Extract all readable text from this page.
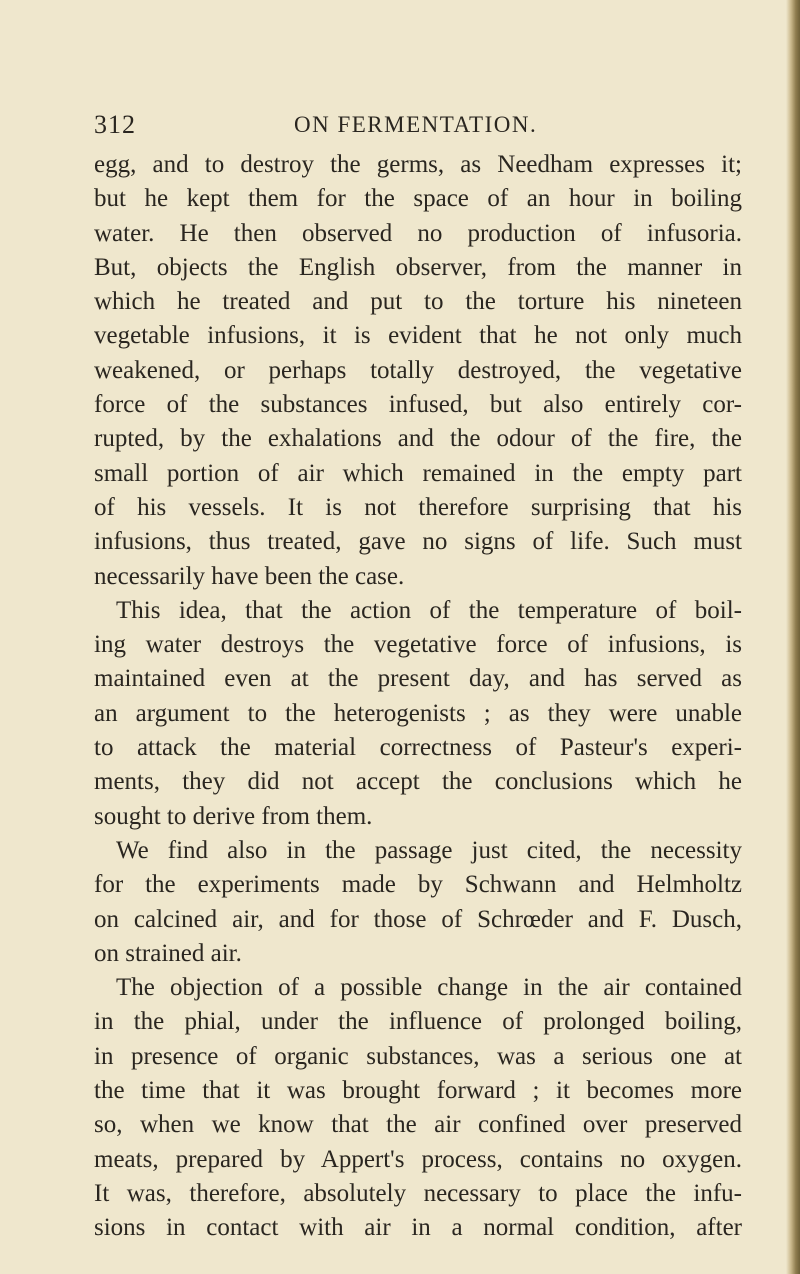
312	ON FERMENTATION.
egg, and to destroy the germs, as Needham expresses it;
but he kept them for the space of an hour in boiling
water. He then observed no production of infusoria.
But, objects the English observer, from the manner in
which he treated and put to the torture his nineteen
vegetable infusions, it is evident that he not only much
weakened, or perhaps totally destroyed, the vegetative
force of the substances infused, but also entirely cor-
rupted, by the exhalations and the odour of the fire, the
small portion of air which remained in the empty part
of his vessels. It is not therefore surprising that his
infusions, thus treated, gave no signs of life. Such must
necessarily have been the case.
This idea, that the action of the temperature of boil-
ing water destroys the vegetative force of infusions, is
maintained even at the present day, and has served as
an argument to the heterogenists ; as they were unable
to attack the material correctness of Pasteur's experi-
ments, they did not accept the conclusions which he
sought to derive from them.
We find also in the passage just cited, the necessity
for the experiments made by Schwann and Helmholtz
on calcined air, and for those of Schrœder and F. Dusch,
on strained air.
The objection of a possible change in the air contained
in the phial, under the influence of prolonged boiling,
in presence of organic substances, was a serious one at
the time that it was brought forward ; it becomes more
so, when we know that the air confined over preserved
meats, prepared by Appert's process, contains no oxygen.
It was, therefore, absolutely necessary to place the infu-
sions in contact with air in a normal condition, after
